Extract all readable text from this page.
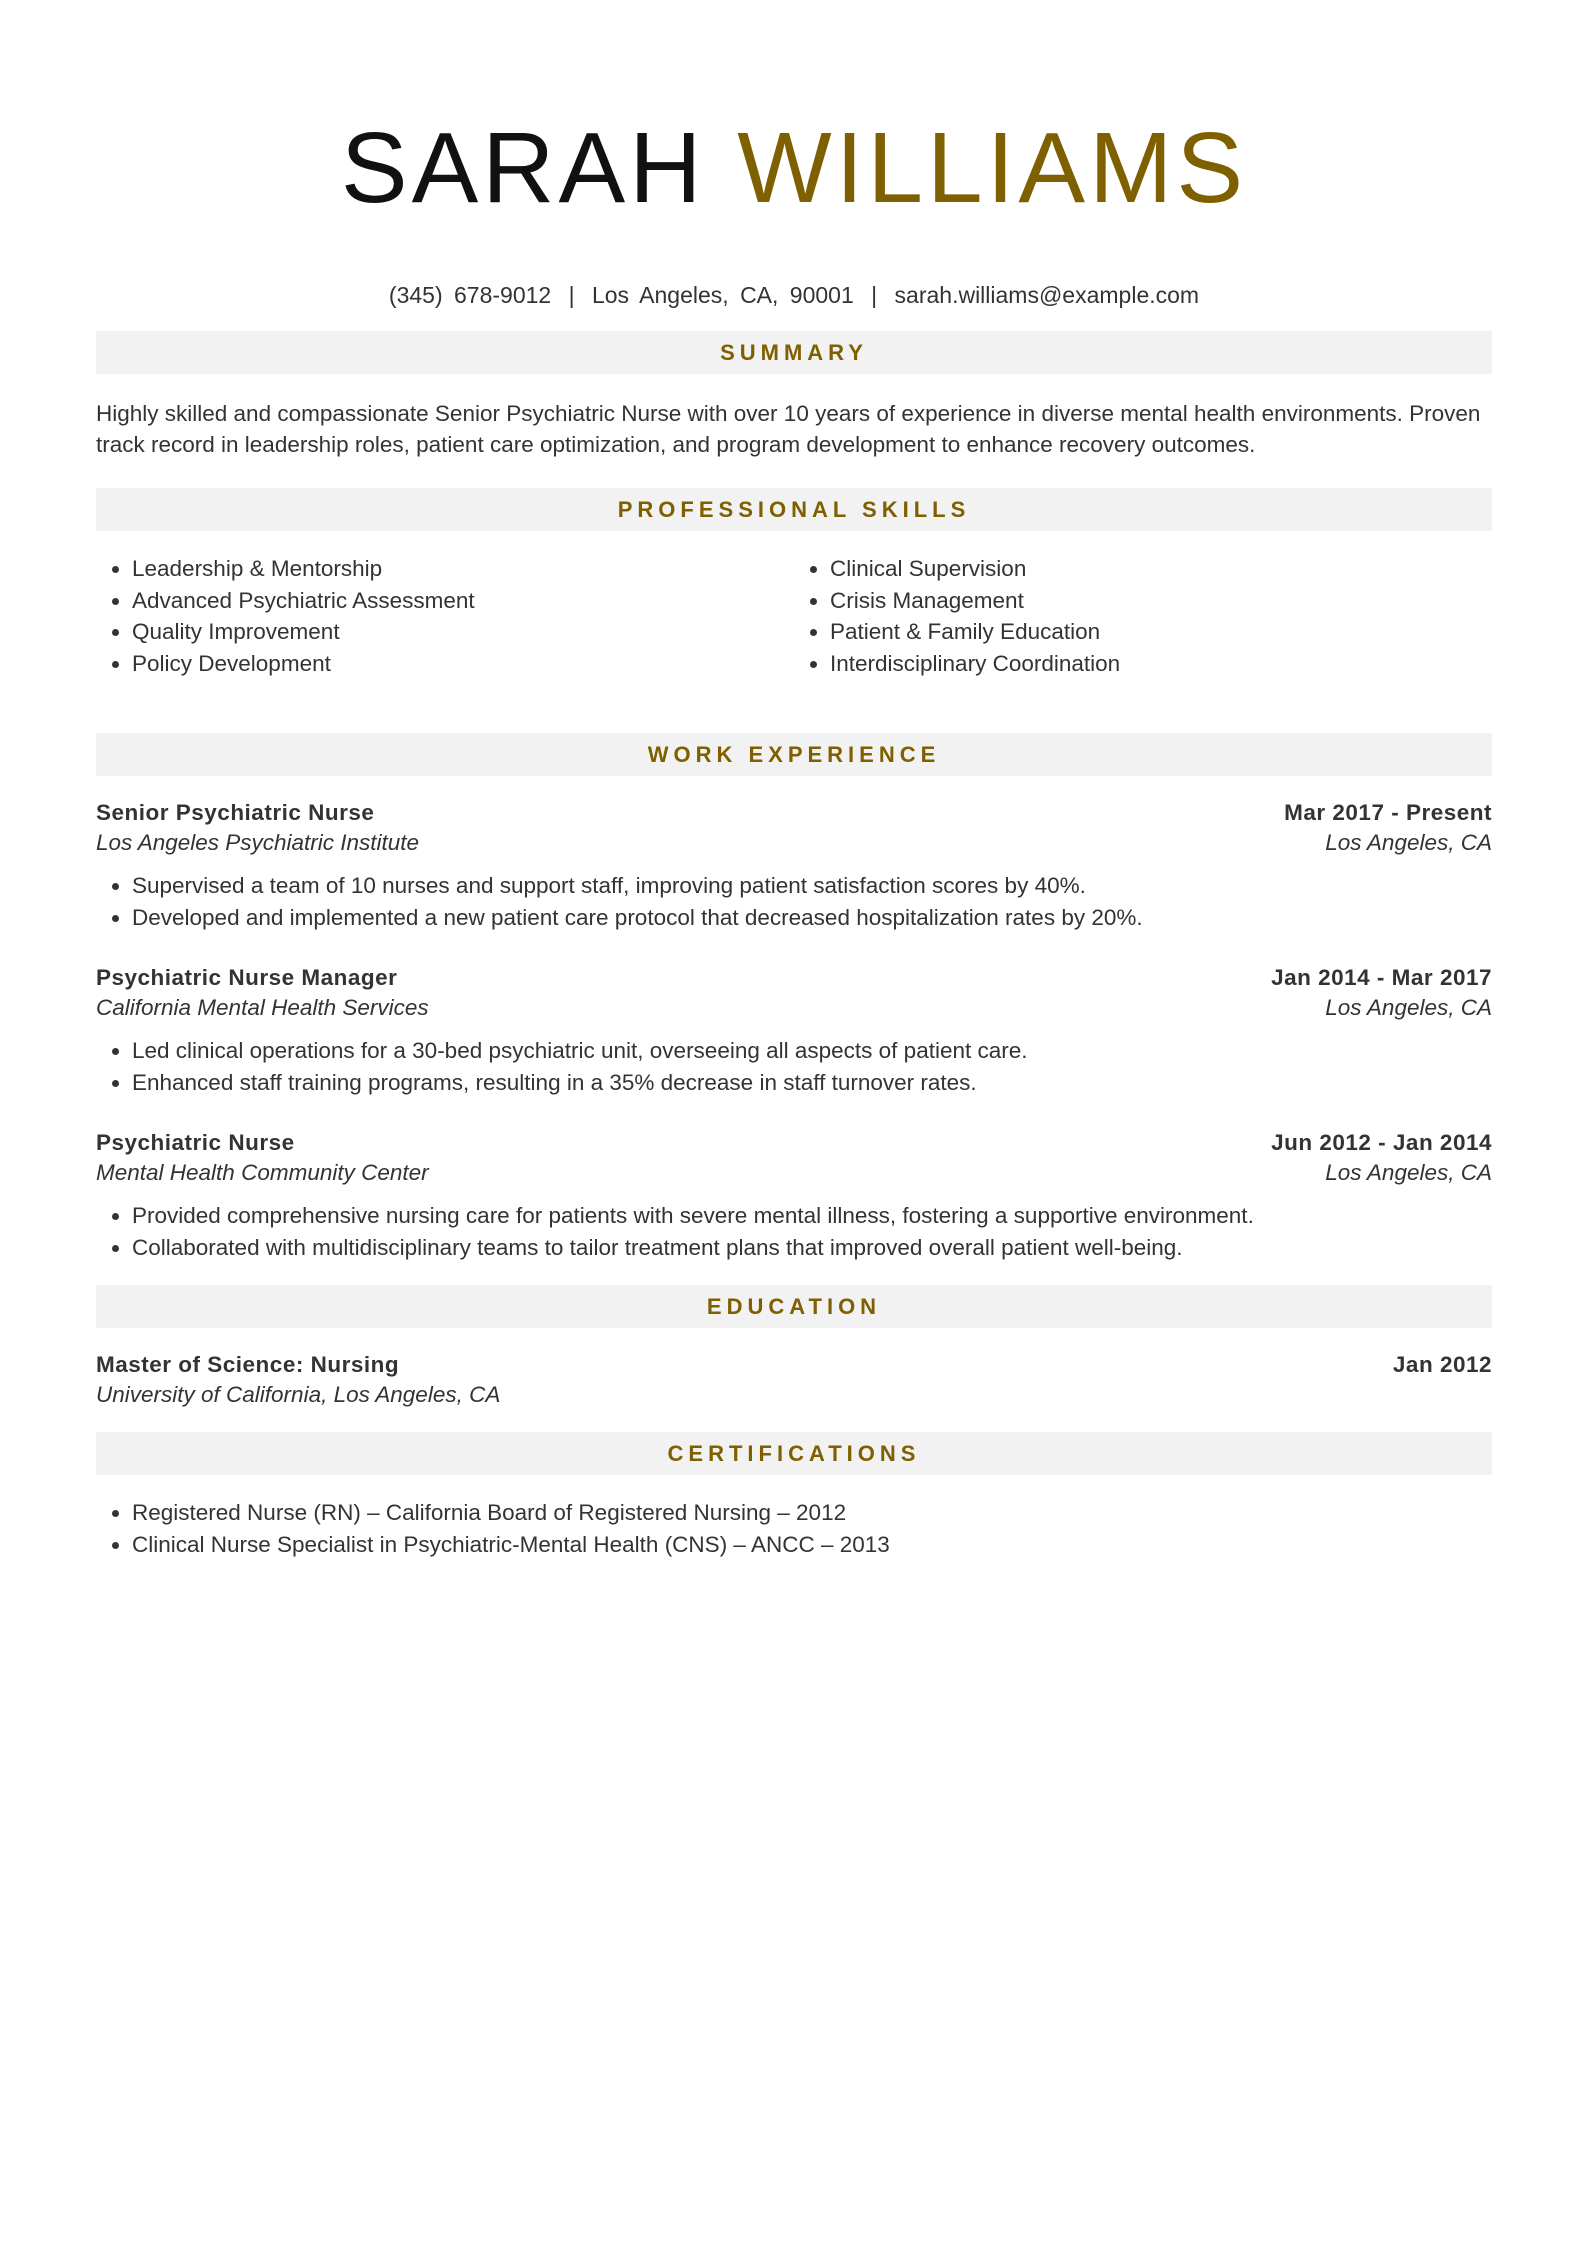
SARAH WILLIAMS
(345) 678-9012 | Los Angeles, CA, 90001 | sarah.williams@example.com
SUMMARY
Highly skilled and compassionate Senior Psychiatric Nurse with over 10 years of experience in diverse mental health environments. Proven track record in leadership roles, patient care optimization, and program development to enhance recovery outcomes.
PROFESSIONAL SKILLS
• Leadership & Mentorship
• Advanced Psychiatric Assessment
• Quality Improvement
• Policy Development
• Clinical Supervision
• Crisis Management
• Patient & Family Education
• Interdisciplinary Coordination
WORK EXPERIENCE
Senior Psychiatric Nurse	Mar 2017 - Present
Los Angeles Psychiatric Institute	Los Angeles, CA
• Supervised a team of 10 nurses and support staff, improving patient satisfaction scores by 40%.
• Developed and implemented a new patient care protocol that decreased hospitalization rates by 20%.
Psychiatric Nurse Manager	Jan 2014 - Mar 2017
California Mental Health Services	Los Angeles, CA
• Led clinical operations for a 30-bed psychiatric unit, overseeing all aspects of patient care.
• Enhanced staff training programs, resulting in a 35% decrease in staff turnover rates.
Psychiatric Nurse	Jun 2012 - Jan 2014
Mental Health Community Center	Los Angeles, CA
• Provided comprehensive nursing care for patients with severe mental illness, fostering a supportive environment.
• Collaborated with multidisciplinary teams to tailor treatment plans that improved overall patient well-being.
EDUCATION
Master of Science: Nursing	Jan 2012
University of California, Los Angeles, CA
CERTIFICATIONS
• Registered Nurse (RN) – California Board of Registered Nursing – 2012
• Clinical Nurse Specialist in Psychiatric-Mental Health (CNS) – ANCC – 2013
